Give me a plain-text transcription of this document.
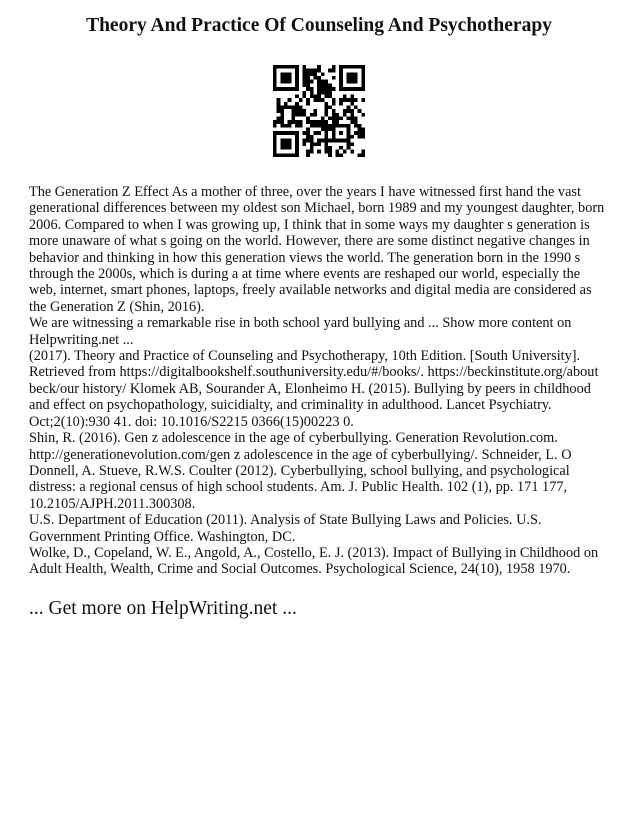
Theory And Practice Of Counseling And Psychotherapy

The Generation Z Effect As a mother of three, over the years I have witnessed first hand the vast generational differences between my oldest son Michael, born 1989 and my youngest daughter, born 2006. Compared to when I was growing up, I think that in some ways my daughter s generation is more unaware of what s going on the world. However, there are some distinct negative changes in behavior and thinking in how this generation views the world. The generation born in the 1990 s through the 2000s, which is during a at time where events are reshaped our world, especially the web, internet, smart phones, laptops, freely available networks and digital media are considered as the Generation Z (Shin, 2016).

We are witnessing a remarkable rise in both school yard bullying and ... Show more content on Helpwriting.net ...

(2017). Theory and Practice of Counseling and Psychotherapy, 10th Edition. [South University]. Retrieved from https://digitalbookshelf.southuniversity.edu/#/books/. https://beckinstitute.org/about beck/our history/ Klomek AB, Sourander A, Elonheimo H. (2015). Bullying by peers in childhood and effect on psychopathology, suicidialty, and criminality in adulthood. Lancet Psychiatry. Oct;2(10):930 41. doi: 10.1016/S2215 0366(15)00223 0.

Shin, R. (2016). Gen z adolescence in the age of cyberbullying. Generation Revolution.com. http://generationevolution.com/gen z adolescence in the age of cyberbullying/. Schneider, L. O Donnell, A. Stueve, R.W.S. Coulter (2012). Cyberbullying, school bullying, and psychological distress: a regional census of high school students. Am. J. Public Health. 102 (1), pp. 171 177, 10.2105/AJPH.2011.300308.

U.S. Department of Education (2011). Analysis of State Bullying Laws and Policies. U.S. Government Printing Office. Washington, DC.

Wolke, D., Copeland, W. E., Angold, A., Costello, E. J. (2013). Impact of Bullying in Childhood on Adult Health, Wealth, Crime and Social Outcomes. Psychological Science, 24(10), 1958 1970.

... Get more on HelpWriting.net ...
